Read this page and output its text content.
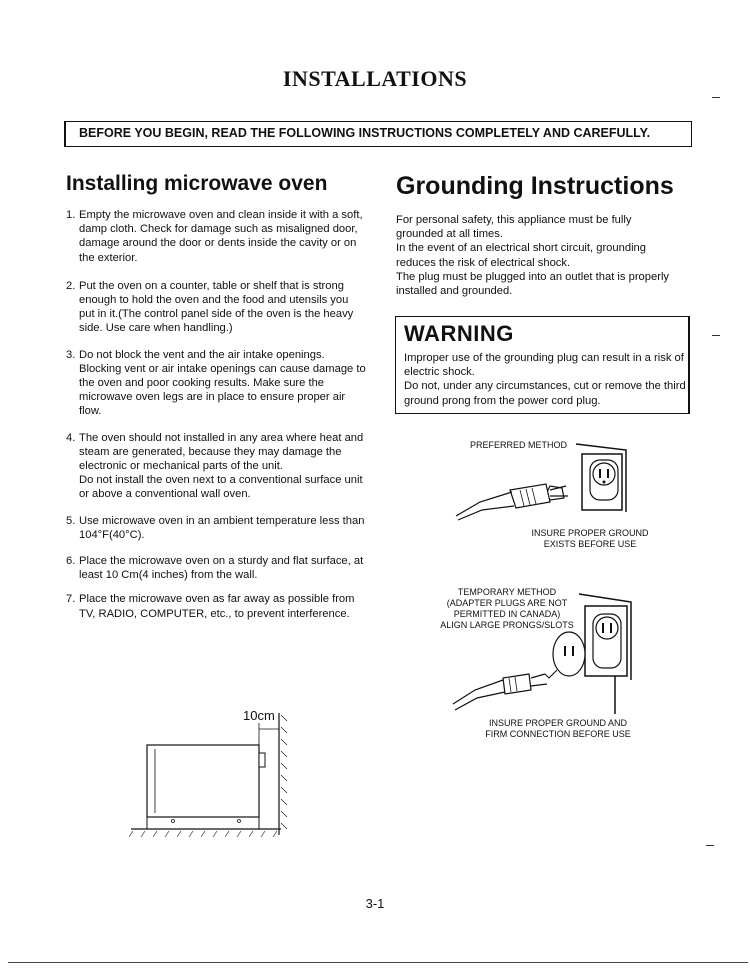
INSTALLATIONS
BEFORE YOU BEGIN, READ THE FOLLOWING INSTRUCTIONS COMPLETELY AND CAREFULLY.
Installing microwave oven	Grounding Instructions
1. Empty the microwave oven and clean inside it with a soft, damp cloth. Check for damage such as misaligned door, damage around the door or dents inside the cavity or on the exterior.
2. Put the oven on a counter, table or shelf that is strong enough to hold the oven and the food and utensils you put in it.(The control panel side of the oven is the heavy side. Use care when handling.)
3. Do not block the vent and the air intake openings. Blocking vent or air intake openings can cause damage to the oven and poor cooking results. Make sure the microwave oven legs are in place to ensure proper air flow.
4. The oven should not installed in any area where heat and steam are generated, because they may damage the electronic or mechanical parts of the unit.
Do not install the oven next to a conventional surface unit or above a conventional wall oven.
5. Use microwave oven in an ambient temperature less than 104°F(40°C).
6. Place the microwave oven on a sturdy and flat surface, at least 10 Cm(4 inches) from the wall.
7. Place the microwave oven as far away as possible from TV, RADIO, COMPUTER, etc., to prevent interference.

For personal safety, this appliance must be fully grounded at all times.

In the event of an electrical short circuit, grounding reduces the risk of electrical shock.

The plug must be plugged into an outlet that is properly installed and grounded.

WARNING
Improper use of the grounding plug can result in a risk of electric shock.
Do not, under any circumstances, cut or remove the third ground prong from the power cord plug.
PREFERRED METHOD
INSURE PROPER GROUND
EXISTS BEFORE USE
TEMPORARY METHOD
(ADAPTER PLUGS ARE NOT
PERMITTED IN CANADA)
ALIGN LARGE PRONGS/SLOTS
INSURE PROPER GROUND AND
FIRM CONNECTION BEFORE USE
10cm
3-1
